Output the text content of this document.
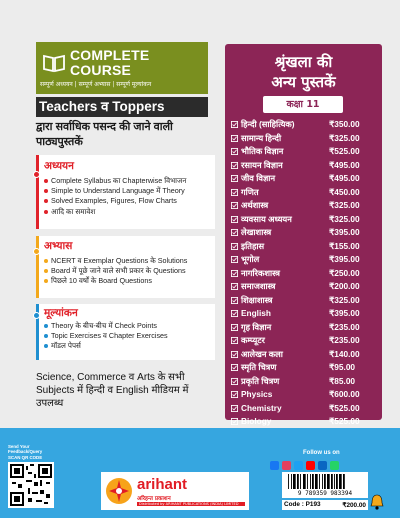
COMPLETE
COURSE
सम्पूर्ण अध्ययन | सम्पूर्ण अभ्यास | सम्पूर्ण मूल्यांकन
Teachers व Toppers
द्वारा सर्वाधिक पसन्द की जाने वाली पाठ्यपुस्तकें
अध्ययन
Complete Syllabus का Chapterwise विभाजन
Simple to Understand Language में Theory
Solved Examples, Figures, Flow Charts
आदि का समावेश
अभ्यास
NCERT व Exemplar Questions के Solutions
Board में पूछे जाने वाले सभी प्रकार के Questions
पिछले 10 वर्षों के Board Questions
मूल्यांकन
Theory के बीच-बीच में Check Points
Topic Exercises व Chapter Exercises
मॉडल पेपर्स
Science, Commerce व Arts के सभी Subjects में हिन्दी व English मीडियम में उपलब्ध
श्रृंखला की
अन्य पुस्तकें
कक्षा 11
हिन्दी (साहित्यिक)	₹350.00
सामान्य हिन्दी	₹325.00
भौतिक विज्ञान	₹525.00
रसायन विज्ञान	₹495.00
जीव विज्ञान	₹495.00
गणित	₹450.00
अर्थशास्त्र	₹325.00
व्यवसाय अध्ययन	₹325.00
लेखाशास्त्र	₹395.00
इतिहास	₹155.00
भूगोल	₹395.00
नागरिकशास्त्र	₹250.00
समाजशास्त्र	₹200.00
शिक्षाशास्त्र	₹325.00
English	₹395.00
गृह विज्ञान	₹235.00
कम्प्यूटर	₹235.00
आलेखन कला	₹140.00
स्मृति चित्रण	₹95.00
प्रकृति चित्रण	₹85.00
Physics	₹600.00
Chemistry	₹525.00
Biology	₹525.00
Send Your Feedback/Query
SCAN QR CODE
arihant
अरिहन्त प्रकाशन
Distributed by ARIHANT PUBLICATIONS (INDIA) LIMITED
Follow us on
9 789359 983394
Code : P193	₹200.00
